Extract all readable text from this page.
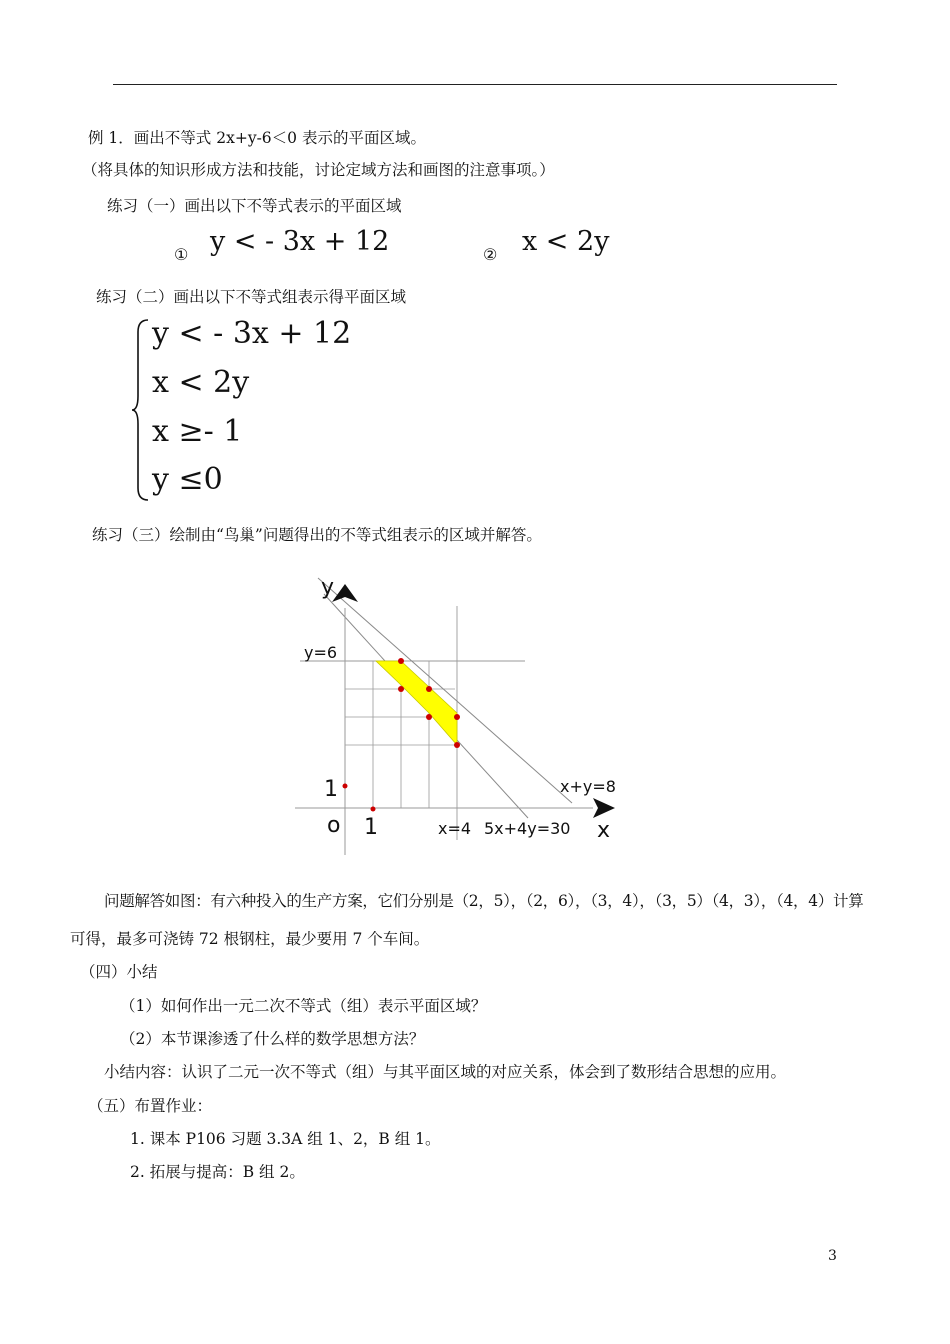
例 1．画出不等式 2x+y-6＜0 表示的平面区域。
（将具体的知识形成方法和技能，讨论定域方法和画图的注意事项。）
练习（一）画出以下不等式表示的平面区域
① y < - 3x + 12	② x < 2y
练习（二）画出以下不等式组表示得平面区域
y < - 3x + 12
x < 2y
x ≥- 1
y ≤0
练习（三）绘制由“鸟巢”问题得出的不等式组表示的区域并解答。
y
x
y=6
x+y=8
x=4 5x+4y=30
1
o 1
问题解答如图：有六种投入的生产方案，它们分别是（2，5），（2，6），（3，4），（3，5）（4，3），（4，4）计算
可得，最多可浇铸 72 根钢柱，最少要用 7 个车间。
（四）小结
（1）如何作出一元二次不等式（组）表示平面区域？
（2）本节课渗透了什么样的数学思想方法？
小结内容：认识了二元一次不等式（组）与其平面区域的对应关系，体会到了数形结合思想的应用。
（五）布置作业：
1. 课本 P106 习题 3.3A 组 1、2，B 组 1。
2. 拓展与提高：B 组 2。
3
